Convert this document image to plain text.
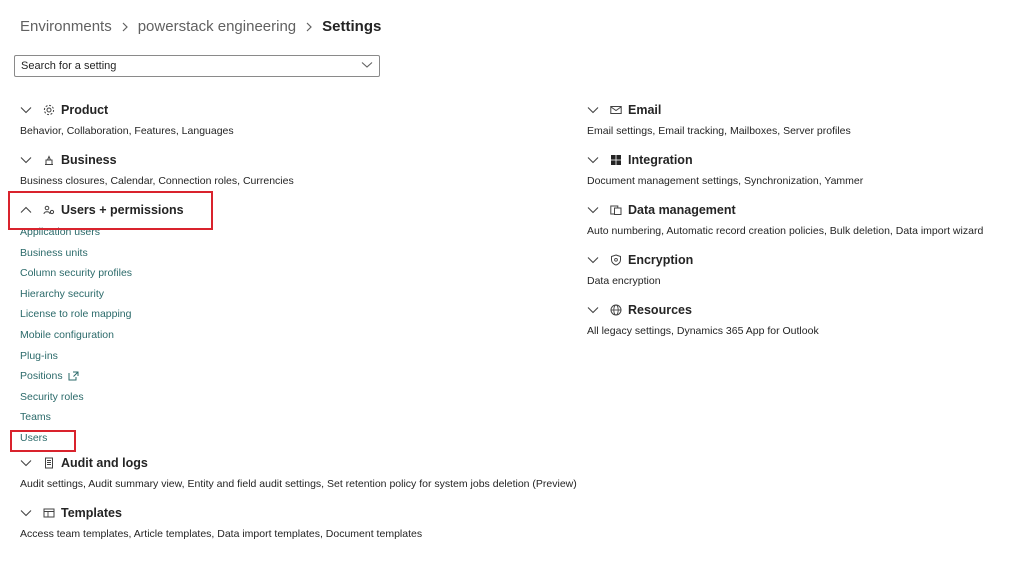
Environments powerstack engineering Settings
Search for a setting
Product
Behavior, Collaboration, Features, Languages
Business
Business closures, Calendar, Connection roles, Currencies
Users + permissions
Application users
Business units
Column security profiles
Hierarchy security
License to role mapping
Mobile configuration
Plug-ins
Positions
Security roles
Teams
Users
Audit and logs
Audit settings, Audit summary view, Entity and field audit settings, Set retention policy for system jobs deletion (Preview)
Templates
Access team templates, Article templates, Data import templates, Document templates
Email
Email settings, Email tracking, Mailboxes, Server profiles
Integration
Document management settings, Synchronization, Yammer
Data management
Auto numbering, Automatic record creation policies, Bulk deletion, Data import wizard
Encryption
Data encryption
Resources
All legacy settings, Dynamics 365 App for Outlook
